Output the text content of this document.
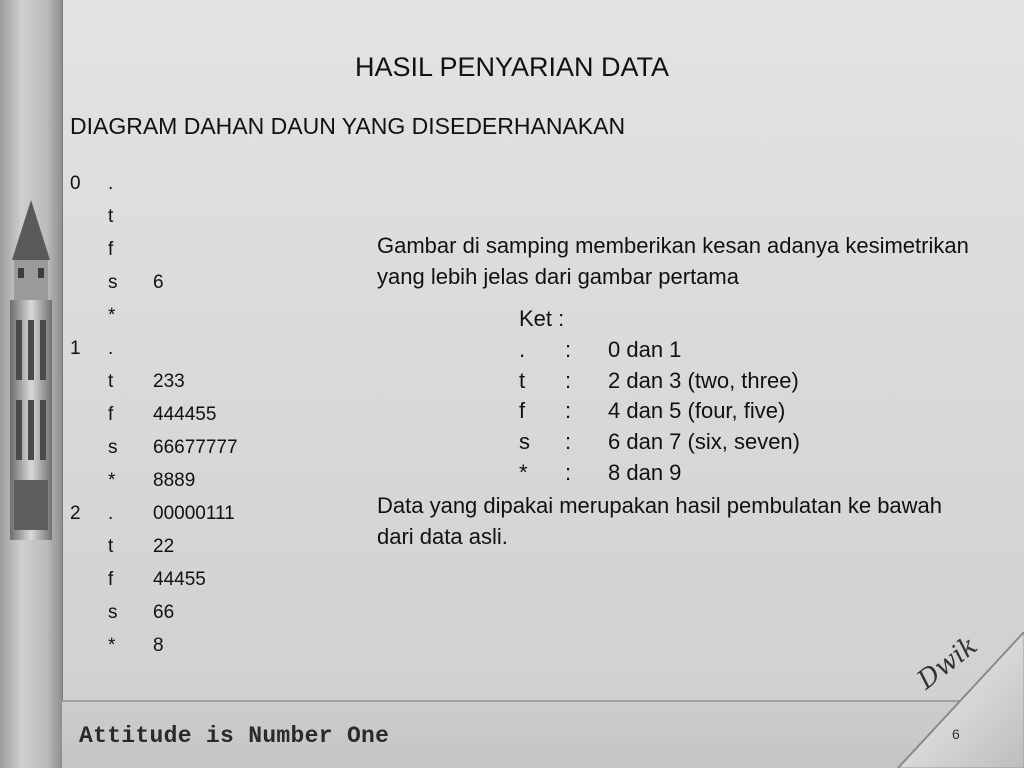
HASIL PENYARIAN DATA
DIAGRAM DAHAN DAUN YANG DISEDERHANAKAN
0 .
t
f
s 6
*
1 .
t 233
f 444455
s 66677777
* 8889
2 . 00000111
t 22
f 44455
s 66
* 8
Gambar di samping memberikan kesan adanya kesimetrikan yang lebih jelas dari gambar pertama
Ket :
. : 0 dan 1
t : 2 dan 3 (two, three)
f : 4 dan 5 (four, five)
s : 6 dan 7 (six, seven)
* : 8 dan 9
Data yang dipakai merupakan hasil pembulatan ke bawah dari data asli.
Attitude is Number One
Dwik
6
